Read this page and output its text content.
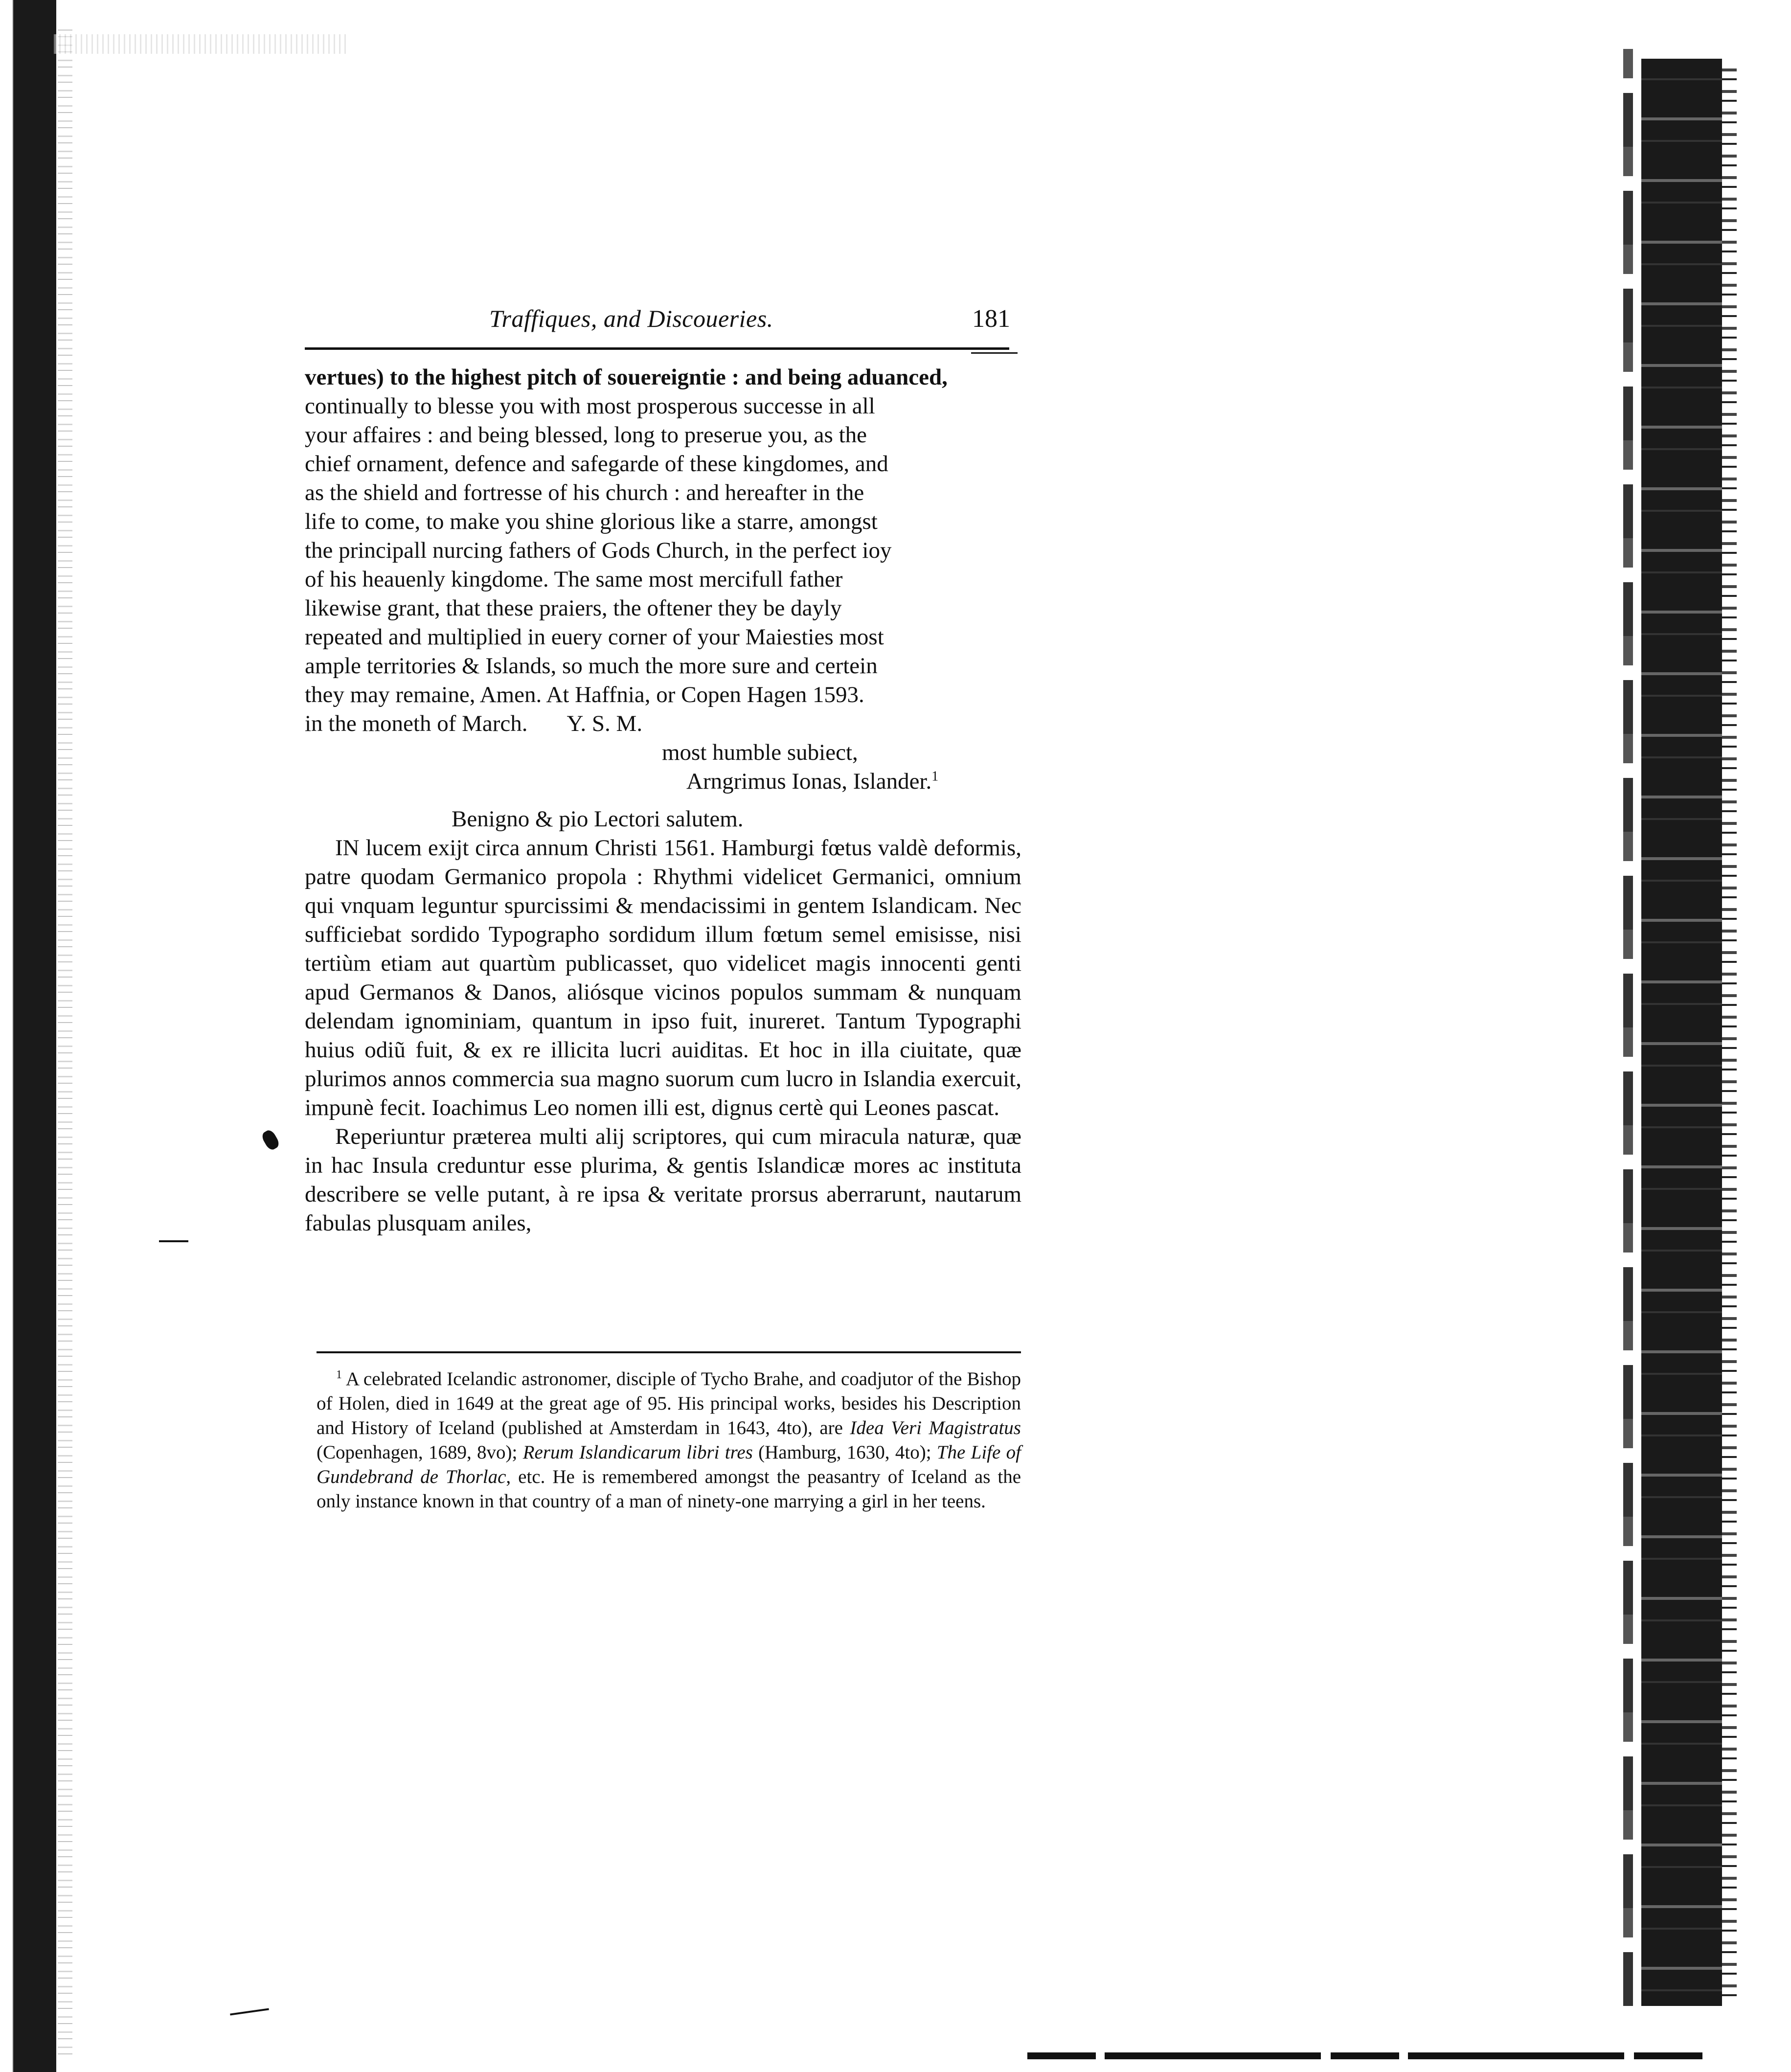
Traffiques, and Discoueries.	181

vertues) to the highest pitch of souereigntie : and being aduanced,

continually to blesse you with most prosperous successe in all

your affaires : and being blessed, long to preserue you, as the

chief ornament, defence and safegarde of these kingdomes, and

as the shield and fortresse of his church : and hereafter in the

life to come, to make you shine glorious like a starre, amongst

the principall nurcing fathers of Gods Church, in the perfect ioy

of his heauenly kingdome. The same most mercifull father

likewise grant, that these praiers, the oftener they be dayly

repeated and multiplied in euery corner of your Maiesties most

ample territories & Islands, so much the more sure and certein

they may remaine, Amen. At Haffnia, or Copen Hagen 1593.

in the moneth of March. Y. S. M.

most humble subiect,

Arngrimus Ionas, Islander.$^1$

Benigno & pio Lectori salutem.

IN lucem exijt circa annum Christi 1561. Hamburgi fœtus valdè deformis, patre quodam Germanico propola : Rhythmi videlicet Germanici, omnium qui vnquam leguntur spurcissimi & mendacissimi in gentem Islandicam. Nec sufficiebat sordido Typographo sordidum illum fœtum semel emisisse, nisi tertiùm etiam aut quartùm publicasset, quo videlicet magis innocenti genti apud Germanos & Danos, aliósque vicinos populos summam & nunquam delendam ignominiam, quantum in ipso fuit, inureret. Tantum Typographi huius odiũ fuit, & ex re illicita lucri auiditas. Et hoc in illa ciuitate, quæ plurimos annos commercia sua magno suorum cum lucro in Islandia exercuit, impunè fecit. Ioachimus Leo nomen illi est, dignus certè qui Leones pascat.

Reperiuntur præterea multi alij scriptores, qui cum miracula naturæ, quæ in hac Insula creduntur esse plurima, & gentis Islandicæ mores ac instituta describere se velle putant, à re ipsa & veritate prorsus aberrarunt, nautarum fabulas plusquam aniles,

$^1$ A celebrated Icelandic astronomer, disciple of Tycho Brahe, and coadjutor of the Bishop of Holen, died in 1649 at the great age of 95. His principal works, besides his Description and History of Iceland (published at Amsterdam in 1643, 4to), are Idea Veri Magistratus (Copenhagen, 1689, 8vo); Rerum Islandicarum libri tres (Hamburg, 1630, 4to); The Life of Gundebrand de Thorlac, etc. He is remembered amongst the peasantry of Iceland as the only instance known in that country of a man of ninety-one marrying a girl in her teens.
